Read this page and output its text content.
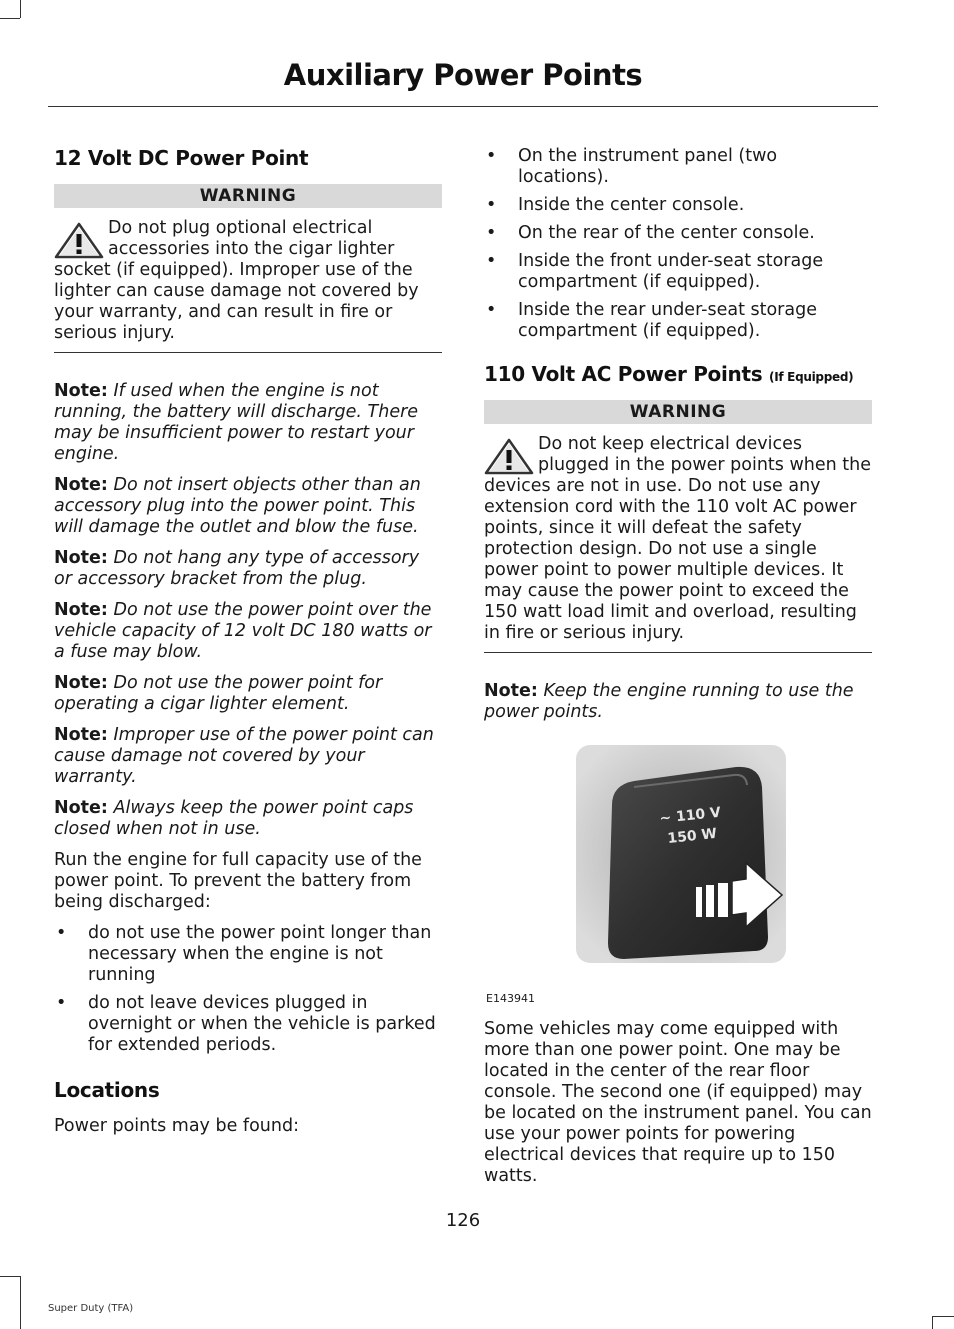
Auxiliary Power Points
12 Volt DC Power Point
WARNING
Do not plug optional electrical accessories into the cigar lighter socket (if equipped). Improper use of the lighter can cause damage not covered by your warranty, and can result in fire or serious injury.

Note: If used when the engine is not running, the battery will discharge. There may be insufficient power to restart your engine.

Note: Do not insert objects other than an accessory plug into the power point. This will damage the outlet and blow the fuse.

Note: Do not hang any type of accessory or accessory bracket from the plug.

Note: Do not use the power point over the vehicle capacity of 12 volt DC 180 watts or a fuse may blow.

Note: Do not use the power point for operating a cigar lighter element.

Note: Improper use of the power point can cause damage not covered by your warranty.

Note: Always keep the power point caps closed when not in use.

Run the engine for full capacity use of the power point. To prevent the battery from being discharged:

• do not use the power point longer than necessary when the engine is not running
• do not leave devices plugged in overnight or when the vehicle is parked for extended periods.
Locations

Power points may be found:

• On the instrument panel (two locations).
• Inside the center console.
• On the rear of the center console.
• Inside the front under-seat storage compartment (if equipped).
• Inside the rear under-seat storage compartment (if equipped).
110 Volt AC Power Points (If Equipped)
WARNING
Do not keep electrical devices plugged in the power points when the devices are not in use. Do not use any extension cord with the 110 volt AC power points, since it will defeat the safety protection design. Do not use a single power point to power multiple devices. It may cause the power point to exceed the 150 watt load limit and overload, resulting in fire or serious injury.

Note: Keep the engine running to use the power points.

~ 110 V
150 W
E143941

Some vehicles may come equipped with more than one power point. One may be located in the center of the rear floor console. The second one (if equipped) may be located on the instrument panel. You can use your power points for powering electrical devices that require up to 150 watts.

126
Super Duty (TFA)
